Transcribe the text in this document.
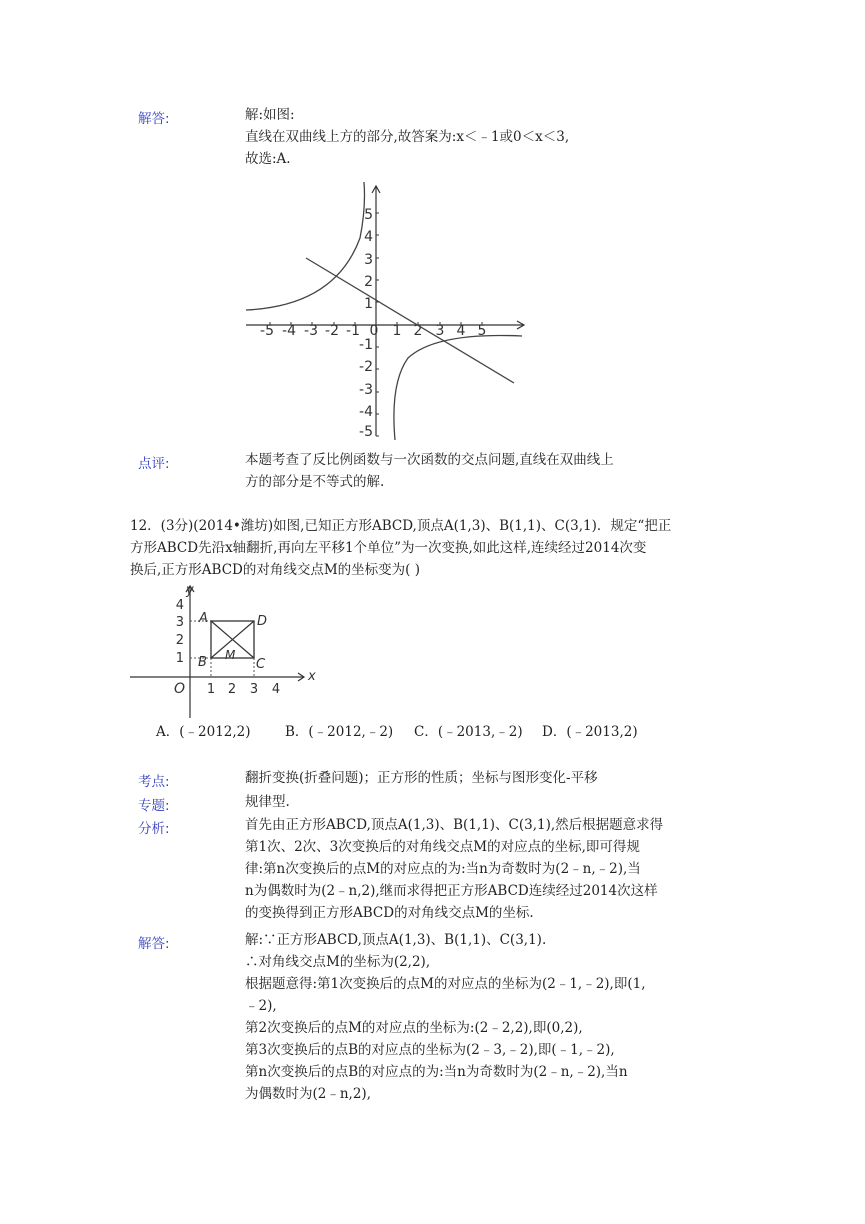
解答:	解:如图:
直线在双曲线上方的部分,故答案为:x＜﹣1或0＜x＜3,
故选:A.
-5 -4 -3 -2 -1 0 1 2 3 4 5
5
4
3
2
1
-1
-2
-3
-4
-5
点评:	本题考查了反比例函数与一次函数的交点问题,直线在双曲线上
方的部分是不等式的解.
12．(3分)(2014•潍坊)如图,已知正方形ABCD,顶点A(1,3)、B(1,1)、C(3,1)．规定“把正
方形ABCD先沿x轴翻折,再向左平移1个单位”为一次变换,如此这样,连续经过2014次变
换后,正方形ABCD的对角线交点M的坐标变为( )
x
y
O 1 2 3 4
4
3
2
1
A
B	C
D
M
A．(﹣2012,2)	B．(﹣2012,﹣2) C．(﹣2013,﹣2) D．(﹣2013,2)
考点:	翻折变换(折叠问题)；正方形的性质；坐标与图形变化-平移
专题:	规律型.
分析:	首先由正方形ABCD,顶点A(1,3)、B(1,1)、C(3,1),然后根据题意求得
第1次、2次、3次变换后的对角线交点M的对应点的坐标,即可得规
律:第n次变换后的点M的对应点的为:当n为奇数时为(2﹣n,﹣2),当
n为偶数时为(2﹣n,2),继而求得把正方形ABCD连续经过2014次这样
的变换得到正方形ABCD的对角线交点M的坐标.
解答:	解:∵正方形ABCD,顶点A(1,3)、B(1,1)、C(3,1).
∴对角线交点M的坐标为(2,2),
根据题意得:第1次变换后的点M的对应点的坐标为(2﹣1,﹣2),即(1,
﹣2),
第2次变换后的点M的对应点的坐标为:(2﹣2,2),即(0,2),
第3次变换后的点B的对应点的坐标为(2﹣3,﹣2),即(﹣1,﹣2),
第n次变换后的点B的对应点的为:当n为奇数时为(2﹣n,﹣2),当n
为偶数时为(2﹣n,2),
